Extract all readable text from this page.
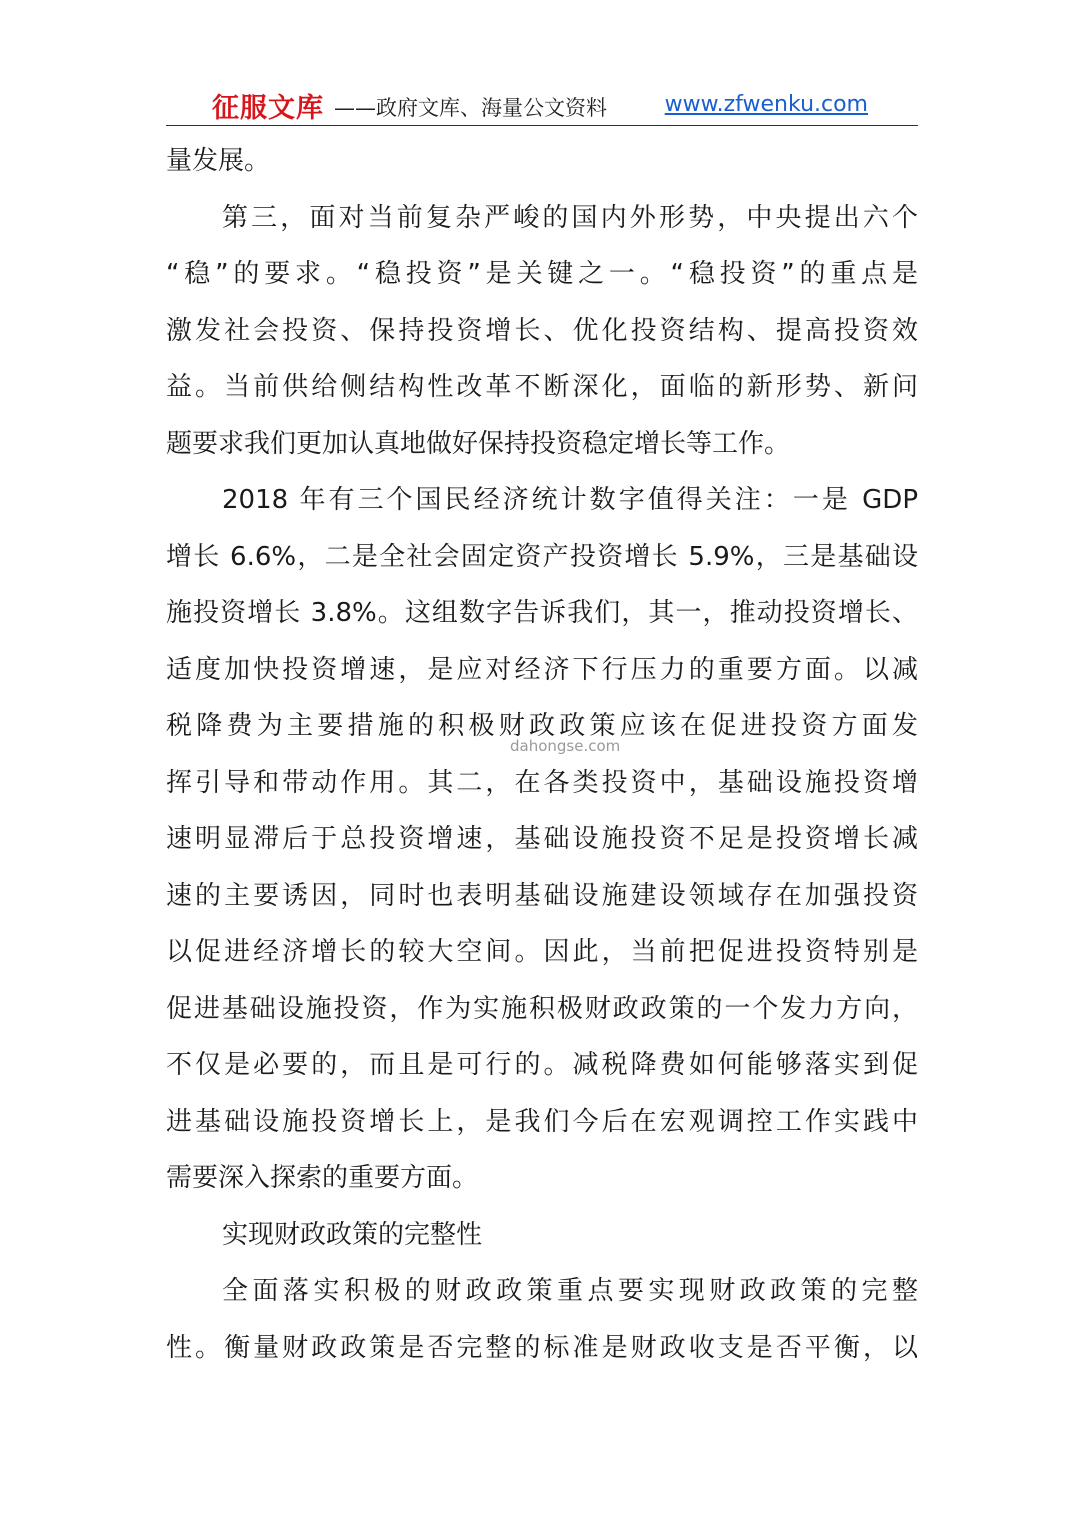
征服文库 ——政府文库、海量公文资料	www.zfwenku.com
量发展。
第三，面对当前复杂严峻的国内外形势，中央提出六个
“稳”的要求。“稳投资”是关键之一。“稳投资”的重点是
激发社会投资、保持投资增长、优化投资结构、提高投资效
益。当前供给侧结构性改革不断深化，面临的新形势、新问
题要求我们更加认真地做好保持投资稳定增长等工作。
2018 年有三个国民经济统计数字值得关注：一是 GDP
增长 6.6%，二是全社会固定资产投资增长 5.9%，三是基础设
施投资增长 3.8%。这组数字告诉我们，其一，推动投资增长、
适度加快投资增速，是应对经济下行压力的重要方面。以减
税降费为主要措施的积极财政政策应该在促进投资方面发
挥引导和带动作用。其二，在各类投资中，基础设施投资增
速明显滞后于总投资增速，基础设施投资不足是投资增长减
速的主要诱因，同时也表明基础设施建设领域存在加强投资
以促进经济增长的较大空间。因此，当前把促进投资特别是
促进基础设施投资，作为实施积极财政政策的一个发力方向，
不仅是必要的，而且是可行的。减税降费如何能够落实到促
进基础设施投资增长上，是我们今后在宏观调控工作实践中
需要深入探索的重要方面。
实现财政政策的完整性
全面落实积极的财政政策重点要实现财政政策的完整
性。衡量财政政策是否完整的标准是财政收支是否平衡，以
dahongse.com
